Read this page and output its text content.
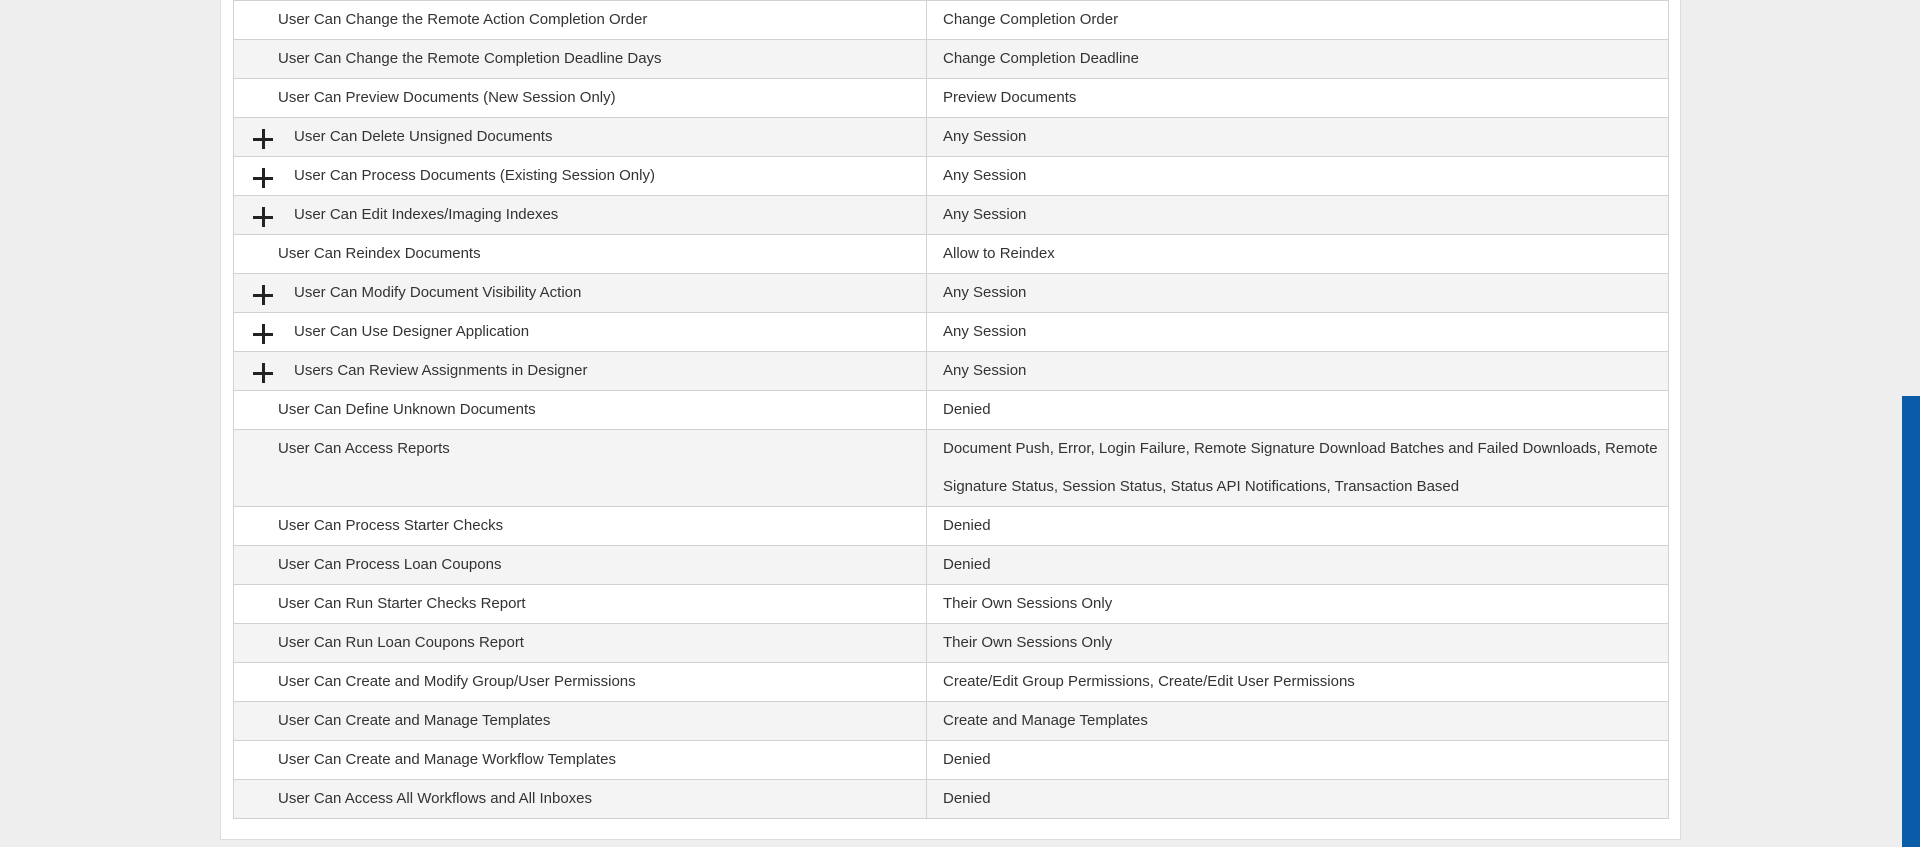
User Can Change the Remote Action Completion Order	Change Completion Order

User Can Change the Remote Completion Deadline Days	Change Completion Deadline

User Can Preview Documents (New Session Only)	Preview Documents

User Can Delete Unsigned Documents	Any Session

User Can Process Documents (Existing Session Only)	Any Session

User Can Edit Indexes/Imaging Indexes	Any Session

User Can Reindex Documents	Allow to Reindex

User Can Modify Document Visibility Action	Any Session

User Can Use Designer Application	Any Session

Users Can Review Assignments in Designer	Any Session

User Can Define Unknown Documents	Denied

User Can Access Reports	Document Push, Error, Login Failure, Remote Signature Download Batches and Failed Downloads, Remote Signature Status, Session Status, Status API Notifications, Transaction Based

User Can Process Starter Checks	Denied

User Can Process Loan Coupons	Denied

User Can Run Starter Checks Report	Their Own Sessions Only

User Can Run Loan Coupons Report	Their Own Sessions Only

User Can Create and Modify Group/User Permissions	Create/Edit Group Permissions, Create/Edit User Permissions

User Can Create and Manage Templates	Create and Manage Templates

User Can Create and Manage Workflow Templates	Denied

User Can Access All Workflows and All Inboxes	Denied
